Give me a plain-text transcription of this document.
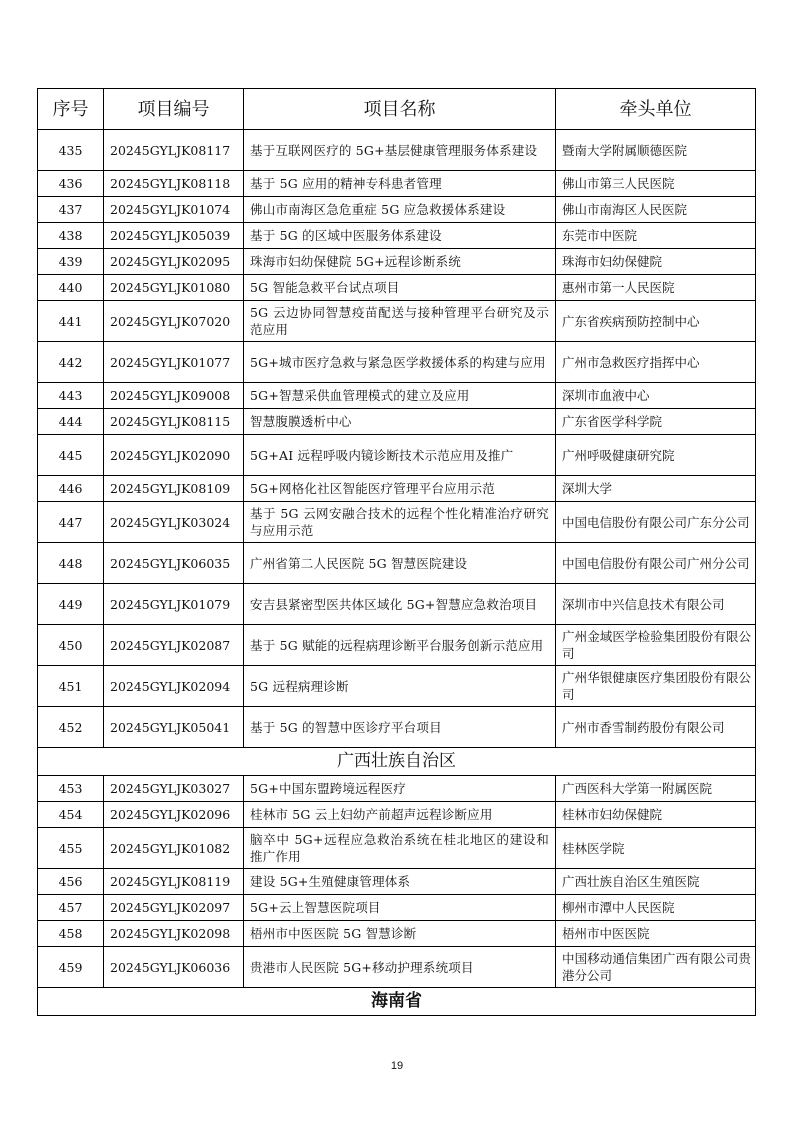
序号	项目编号	项目名称	牵头单位
435	20245GYLJK08117	基于互联网医疗的 5G+基层健康管理服务体系建设	暨南大学附属顺德医院
436	20245GYLJK08118	基于 5G 应用的精神专科患者管理	佛山市第三人民医院
437	20245GYLJK01074	佛山市南海区急危重症 5G 应急救援体系建设	佛山市南海区人民医院
438	20245GYLJK05039	基于 5G 的区域中医服务体系建设	东莞市中医院
439	20245GYLJK02095	珠海市妇幼保健院 5G+远程诊断系统	珠海市妇幼保健院
440	20245GYLJK01080	5G 智能急救平台试点项目	惠州市第一人民医院
441	20245GYLJK07020	5G 云边协同智慧疫苗配送与接种管理平台研究及示范应用	广东省疾病预防控制中心
442	20245GYLJK01077	5G+城市医疗急救与紧急医学救援体系的构建与应用	广州市急救医疗指挥中心
443	20245GYLJK09008	5G+智慧采供血管理模式的建立及应用	深圳市血液中心
444	20245GYLJK08115	智慧腹膜透析中心	广东省医学科学院
445	20245GYLJK02090	5G+AI 远程呼吸内镜诊断技术示范应用及推广	广州呼吸健康研究院
446	20245GYLJK08109	5G+网格化社区智能医疗管理平台应用示范	深圳大学
447	20245GYLJK03024	基于 5G 云网安融合技术的远程个性化精准治疗研究与应用示范	中国电信股份有限公司广东分公司
448	20245GYLJK06035	广州省第二人民医院 5G 智慧医院建设	中国电信股份有限公司广州分公司
449	20245GYLJK01079	安吉县紧密型医共体区域化 5G+智慧应急救治项目	深圳市中兴信息技术有限公司
450	20245GYLJK02087	基于 5G 赋能的远程病理诊断平台服务创新示范应用	广州金域医学检验集团股份有限公司
451	20245GYLJK02094	5G 远程病理诊断	广州华银健康医疗集团股份有限公司
452	20245GYLJK05041	基于 5G 的智慧中医诊疗平台项目	广州市香雪制药股份有限公司
广西壮族自治区			
453	20245GYLJK03027	5G+中国东盟跨境远程医疗	广西医科大学第一附属医院
454	20245GYLJK02096	桂林市 5G 云上妇幼产前超声远程诊断应用	桂林市妇幼保健院
455	20245GYLJK01082	脑卒中 5G+远程应急救治系统在桂北地区的建设和推广作用	桂林医学院
456	20245GYLJK08119	建设 5G+生殖健康管理体系	广西壮族自治区生殖医院
457	20245GYLJK02097	5G+云上智慧医院项目	柳州市潭中人民医院
458	20245GYLJK02098	梧州市中医医院 5G 智慧诊断	梧州市中医医院
459	20245GYLJK06036	贵港市人民医院 5G+移动护理系统项目	中国移动通信集团广西有限公司贵港分公司
海南省			
19
